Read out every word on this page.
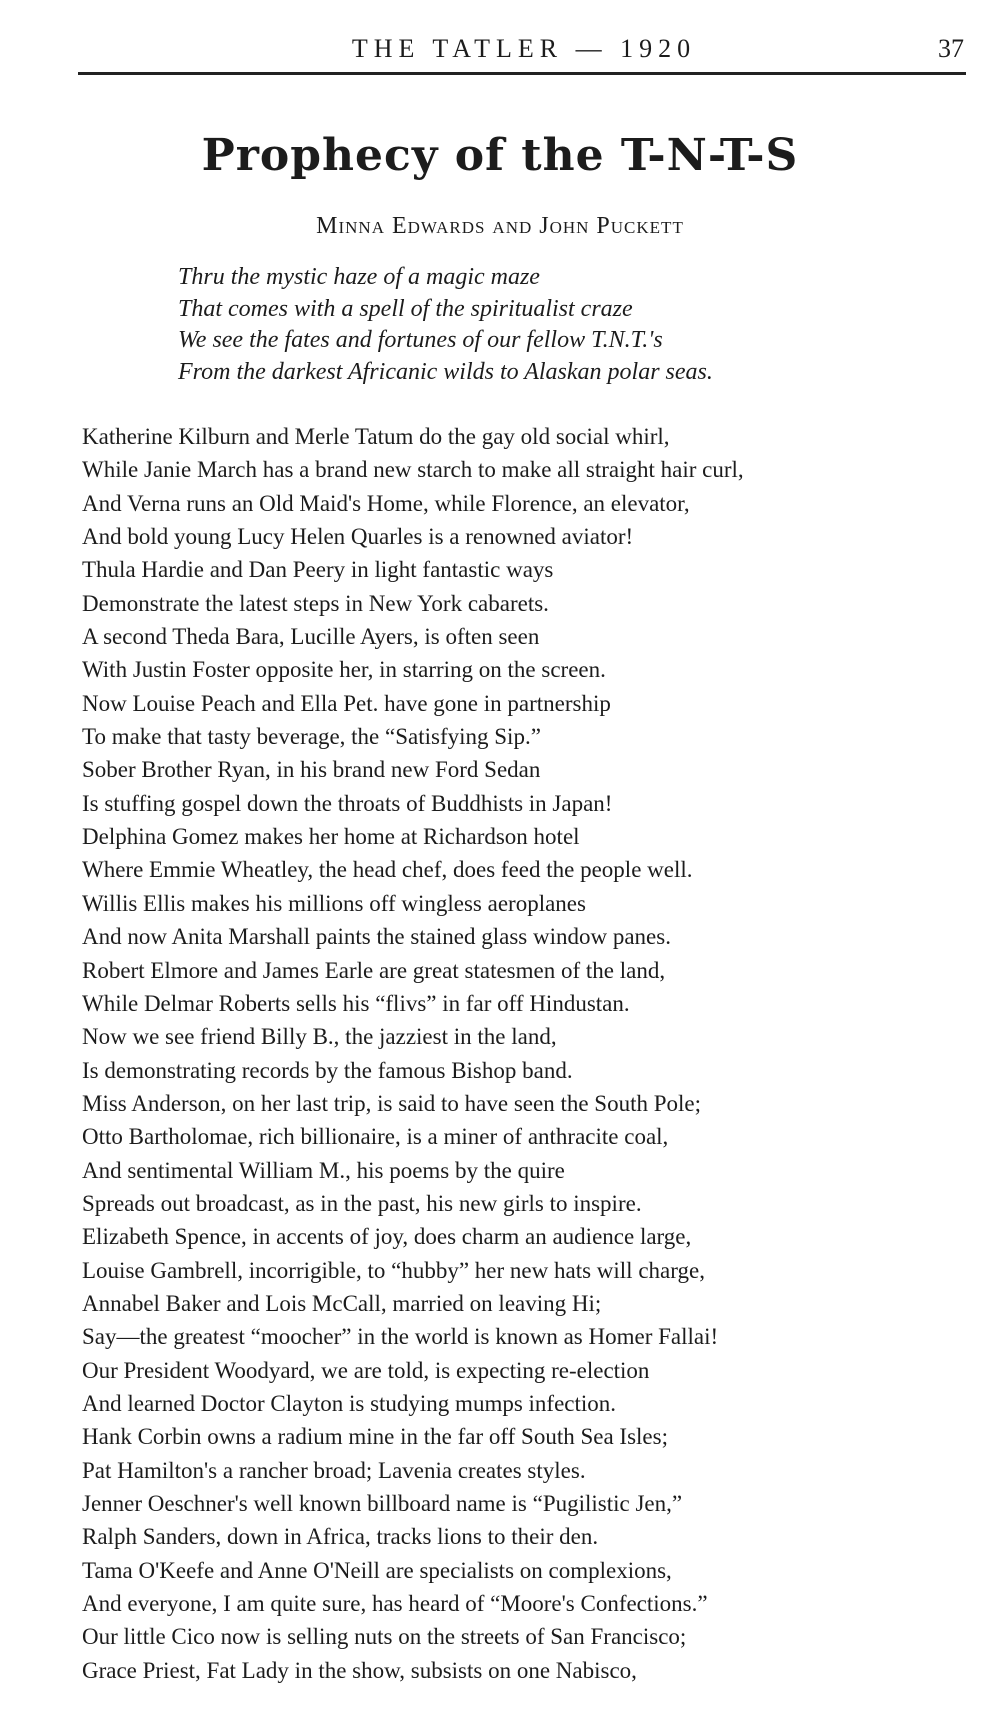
THE TATLER — 1920	37
Prophecy of the T-N-T-S
Minna Edwards and John Puckett
Thru the mystic haze of a magic maze
That comes with a spell of the spiritualist craze
We see the fates and fortunes of our fellow T.N.T.'s
From the darkest Africanic wilds to Alaskan polar seas.
Katherine Kilburn and Merle Tatum do the gay old social whirl,
While Janie March has a brand new starch to make all straight hair curl,
And Verna runs an Old Maid's Home, while Florence, an elevator,
And bold young Lucy Helen Quarles is a renowned aviator!
Thula Hardie and Dan Peery in light fantastic ways
Demonstrate the latest steps in New York cabarets.
A second Theda Bara, Lucille Ayers, is often seen
With Justin Foster opposite her, in starring on the screen.
Now Louise Peach and Ella Pet. have gone in partnership
To make that tasty beverage, the “Satisfying Sip.”
Sober Brother Ryan, in his brand new Ford Sedan
Is stuffing gospel down the throats of Buddhists in Japan!
Delphina Gomez makes her home at Richardson hotel
Where Emmie Wheatley, the head chef, does feed the people well.
Willis Ellis makes his millions off wingless aeroplanes
And now Anita Marshall paints the stained glass window panes.
Robert Elmore and James Earle are great statesmen of the land,
While Delmar Roberts sells his “flivs” in far off Hindustan.
Now we see friend Billy B., the jazziest in the land,
Is demonstrating records by the famous Bishop band.
Miss Anderson, on her last trip, is said to have seen the South Pole;
Otto Bartholomae, rich billionaire, is a miner of anthracite coal,
And sentimental William M., his poems by the quire
Spreads out broadcast, as in the past, his new girls to inspire.
Elizabeth Spence, in accents of joy, does charm an audience large,
Louise Gambrell, incorrigible, to “hubby” her new hats will charge,
Annabel Baker and Lois McCall, married on leaving Hi;
Say—the greatest “moocher” in the world is known as Homer Fallai!
Our President Woodyard, we are told, is expecting re-election
And learned Doctor Clayton is studying mumps infection.
Hank Corbin owns a radium mine in the far off South Sea Isles;
Pat Hamilton's a rancher broad; Lavenia creates styles.
Jenner Oeschner's well known billboard name is “Pugilistic Jen,”
Ralph Sanders, down in Africa, tracks lions to their den.
Tama O'Keefe and Anne O'Neill are specialists on complexions,
And everyone, I am quite sure, has heard of “Moore's Confections.”
Our little Cico now is selling nuts on the streets of San Francisco;
Grace Priest, Fat Lady in the show, subsists on one Nabisco,
